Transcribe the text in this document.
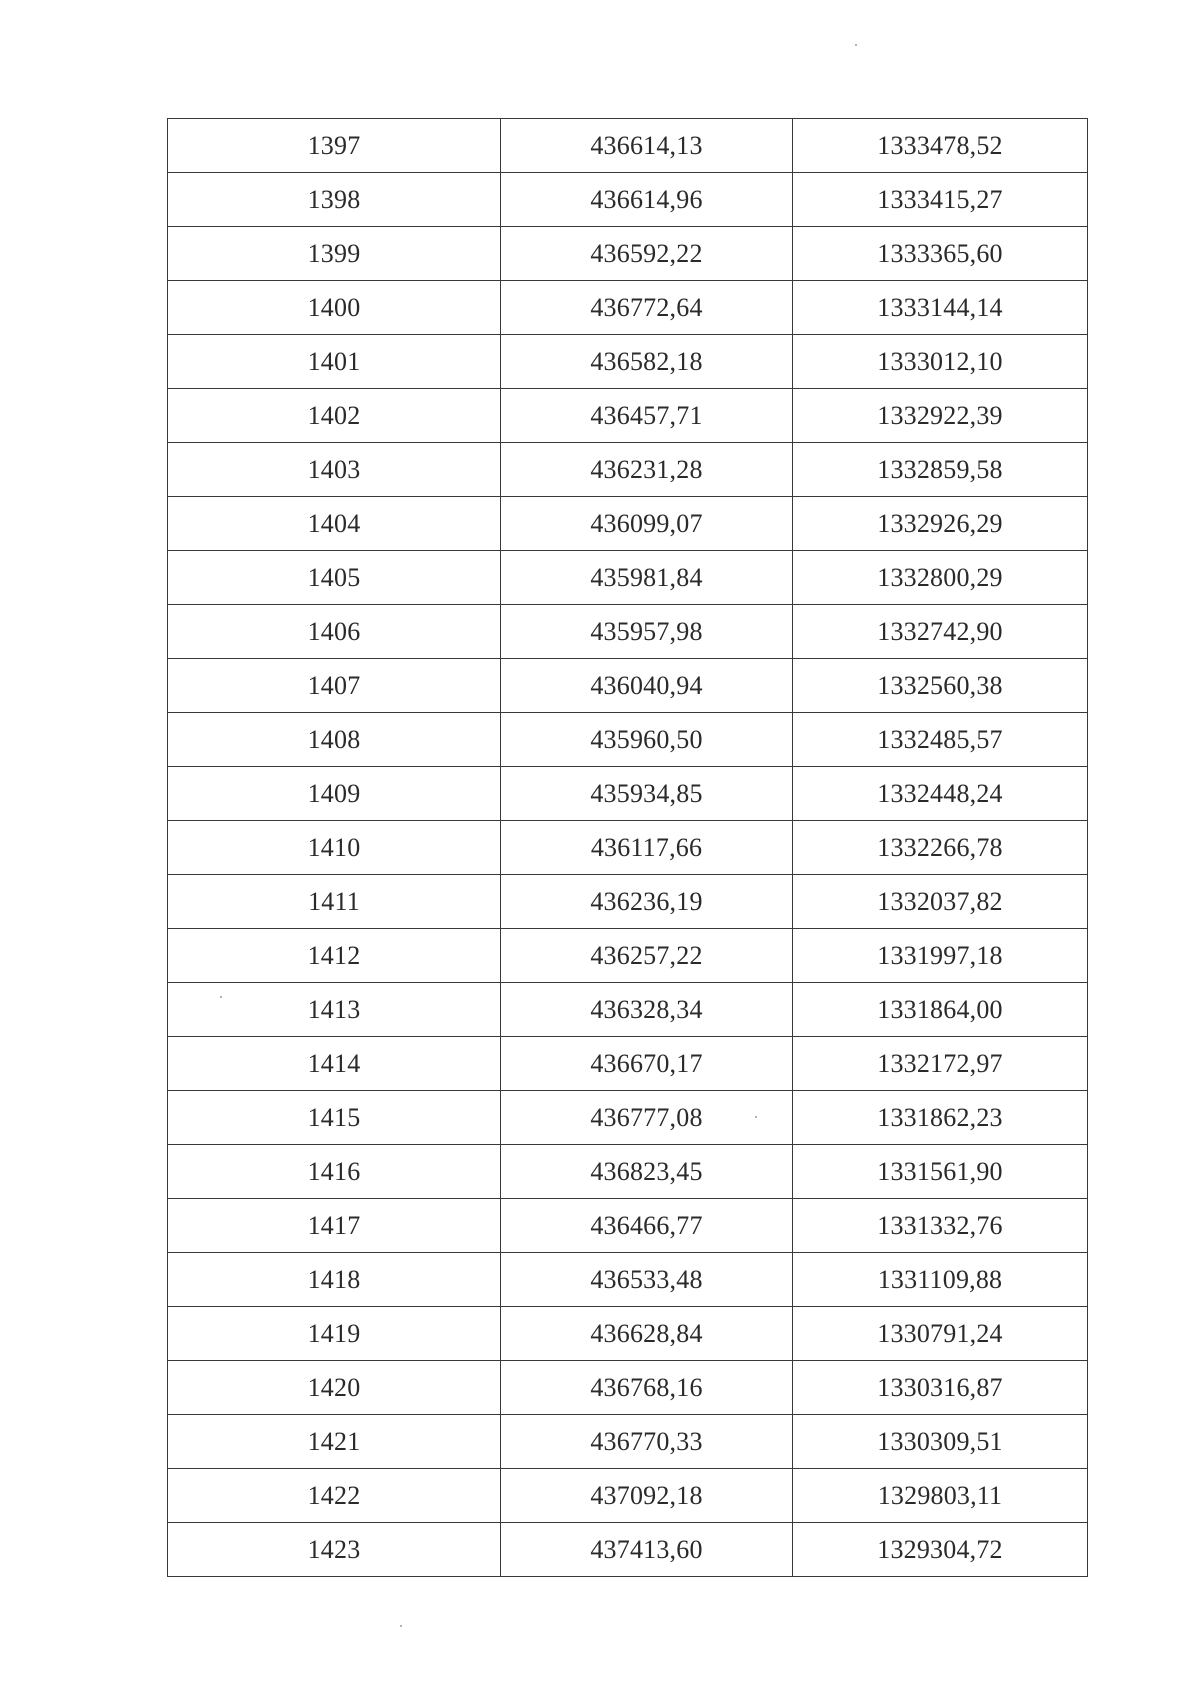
1397	436614,13	1333478,52
1398	436614,96	1333415,27
1399	436592,22	1333365,60
1400	436772,64	1333144,14
1401	436582,18	1333012,10
1402	436457,71	1332922,39
1403	436231,28	1332859,58
1404	436099,07	1332926,29
1405	435981,84	1332800,29
1406	435957,98	1332742,90
1407	436040,94	1332560,38
1408	435960,50	1332485,57
1409	435934,85	1332448,24
1410	436117,66	1332266,78
1411	436236,19	1332037,82
1412	436257,22	1331997,18
1413	436328,34	1331864,00
1414	436670,17	1332172,97
1415	436777,08	1331862,23
1416	436823,45	1331561,90
1417	436466,77	1331332,76
1418	436533,48	1331109,88
1419	436628,84	1330791,24
1420	436768,16	1330316,87
1421	436770,33	1330309,51
1422	437092,18	1329803,11
1423	437413,60	1329304,72
